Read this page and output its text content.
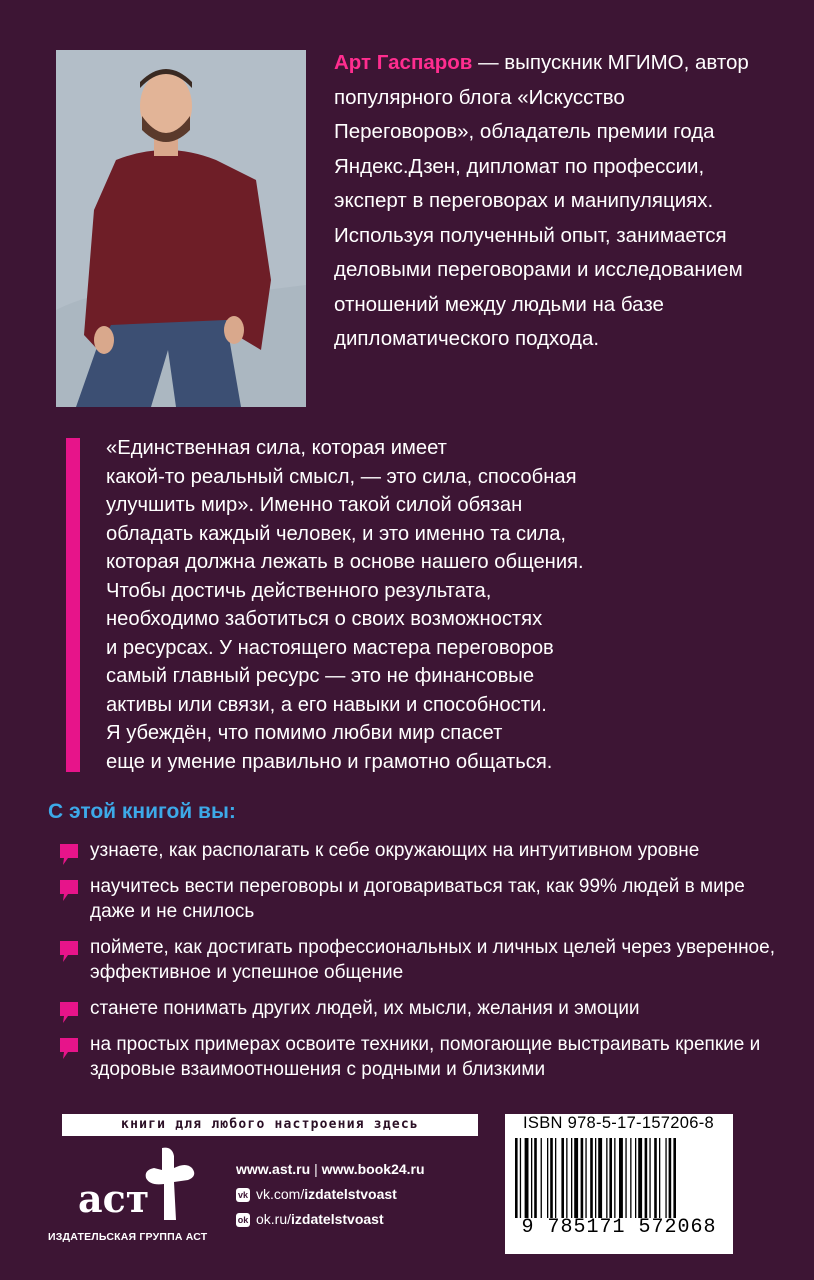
Арт Гаспаров — выпускник МГИМО, автор популярного блога «Искусство Переговоров», обладатель премии года Яндекс.Дзен, дипломат по профессии, эксперт в переговорах и манипуляциях. Используя полученный опыт, занимается деловыми переговорами и исследованием отношений между людьми на базе дипломатического подхода.
«Единственная сила, которая имеет
какой-то реальный смысл, — это сила, способная
улучшить мир». Именно такой силой обязан
обладать каждый человек, и это именно та сила,
которая должна лежать в основе нашего общения.
Чтобы достичь действенного результата,
необходимо заботиться о своих возможностях
и ресурсах. У настоящего мастера переговоров
самый главный ресурс — это не финансовые
активы или связи, а его навыки и способности.
Я убеждён, что помимо любви мир спасет
еще и умение правильно и грамотно общаться.
С этой книгой вы:
узнаете, как располагать к себе окружающих на интуитивном уровне
научитесь вести переговоры и договариваться так, как 99% людей в мире даже и не снилось
поймете, как достигать профессиональных и личных целей через уверенное, эффективное и успешное общение
станете понимать других людей, их мысли, желания и эмоции
на простых примерах освоите техники, помогающие выстраивать крепкие и здоровые взаимоотношения с родными и близкими
книги для любого настроения здесь
аст
ИЗДАТЕЛЬСКАЯ ГРУППА АСТ
www.ast.ru | www.book24.ru
vk vk.com/izdatelstvoast
ok ok.ru/izdatelstvoast
ISBN 978-5-17-157206-8
9 785171 572068
